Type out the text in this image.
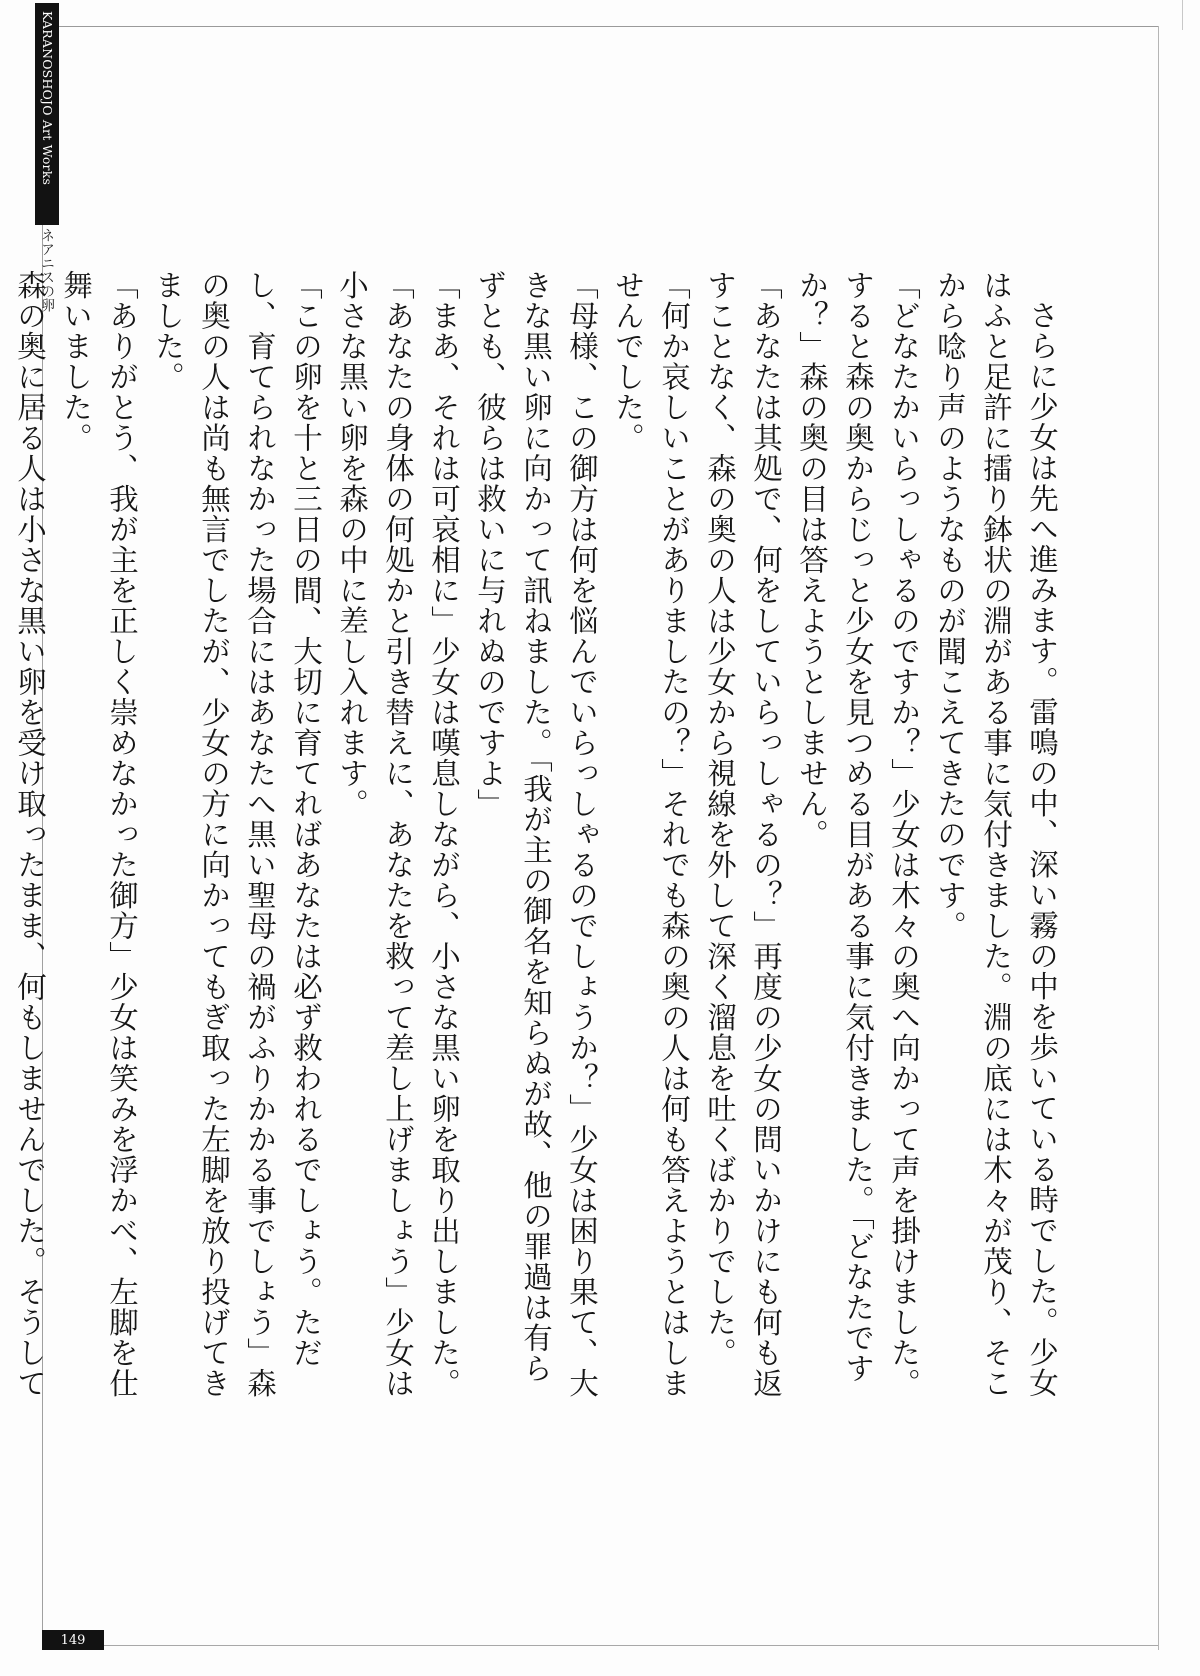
KARANOSHOJO Art Works
ネアニスの卵

さらに少女は先へ進みます。雷鳴の中、深い霧の中を歩いている時でした。少女はふと足許に擂り鉢状の淵がある事に気付きました。淵の底には木々が茂り、そこから唸り声のようなものが聞こえてきたのです。

「どなたかいらっしゃるのですか？」少女は木々の奥へ向かって声を掛けました。すると森の奥からじっと少女を見つめる目がある事に気付きました。「どなたですか？」森の奥の目は答えようとしません。

「あなたは其処で、何をしていらっしゃるの？」再度の少女の問いかけにも何も返すことなく、森の奥の人は少女から視線を外して深く溜息を吐くばかりでした。「何か哀しいことがありましたの？」それでも森の奥の人は何も答えようとはしませんでした。

「母様、この御方は何を悩んでいらっしゃるのでしょうか？」少女は困り果て、大きな黒い卵に向かって訊ねました。「我が主の御名を知らぬが故、他の罪過は有らずとも、彼らは救いに与れぬのですよ」

「まあ、それは可哀相に」少女は嘆息しながら、小さな黒い卵を取り出しました。「あなたの身体の何処かと引き替えに、あなたを救って差し上げましょう」少女は小さな黒い卵を森の中に差し入れます。

「この卵を十と三日の間、大切に育てればあなたは必ず救われるでしょう。ただし、育てられなかった場合にはあなたへ黒い聖母の禍がふりかかる事でしょう」森の奥の人は尚も無言でしたが、少女の方に向かってもぎ取った左脚を放り投げてきました。

「ありがとう、我が主を正しく崇めなかった御方」少女は笑みを浮かべ、左脚を仕舞いました。

森の奥に居る人は小さな黒い卵を受け取ったまま、何もしませんでした。そうして

149
